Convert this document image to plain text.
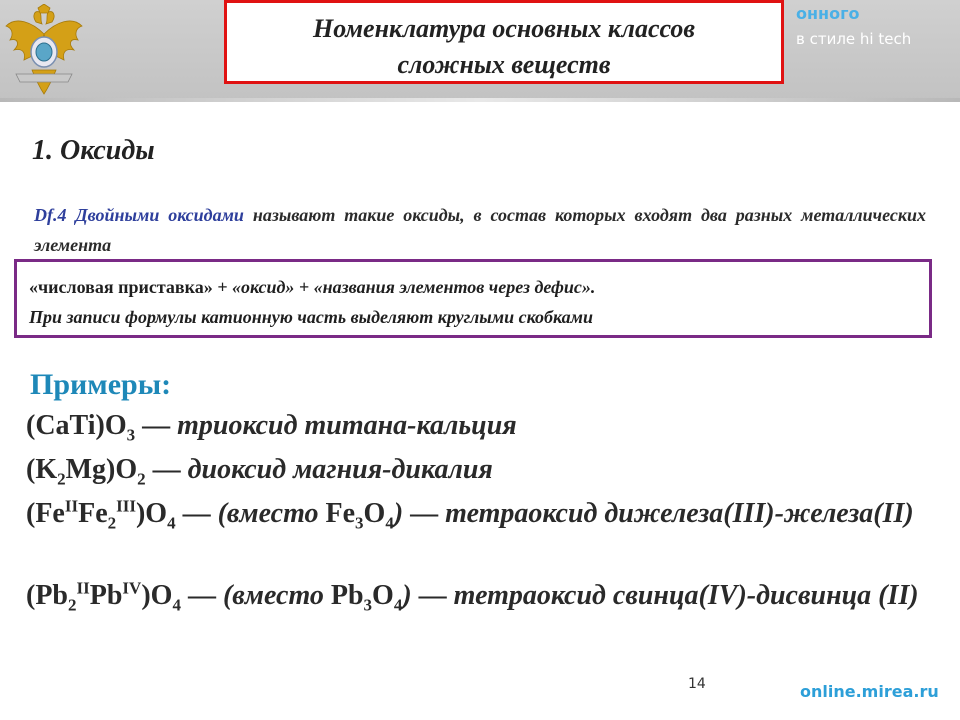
онного
в стиле hi tech
Номенклатура основных классов
сложных веществ
1. Оксиды
Df.4 Двойными оксидами называют такие оксиды, в состав которых входят два разных металлических элемента
«числовая приставка» + «оксид» + «названия элементов через дефис».
При записи формулы катионную часть выделяют круглыми скобками
Примеры:
$(CaTi)O_3$ — триоксид титана-кальция
$(K_2Mg)O_2$ — диоксид магния-дикалия
$(Fe^{II}Fe_2^{III})O_4$ — (вместо $Fe_3O_4$) — тетраоксид дижелеза(III)-железа(II)
$(Pb_2^{II}Pb^{IV})O_4$ — (вместо $Pb_3O_4$) — тетраоксид свинца(IV)-дисвинца (II)
14	online.mirea.ru
